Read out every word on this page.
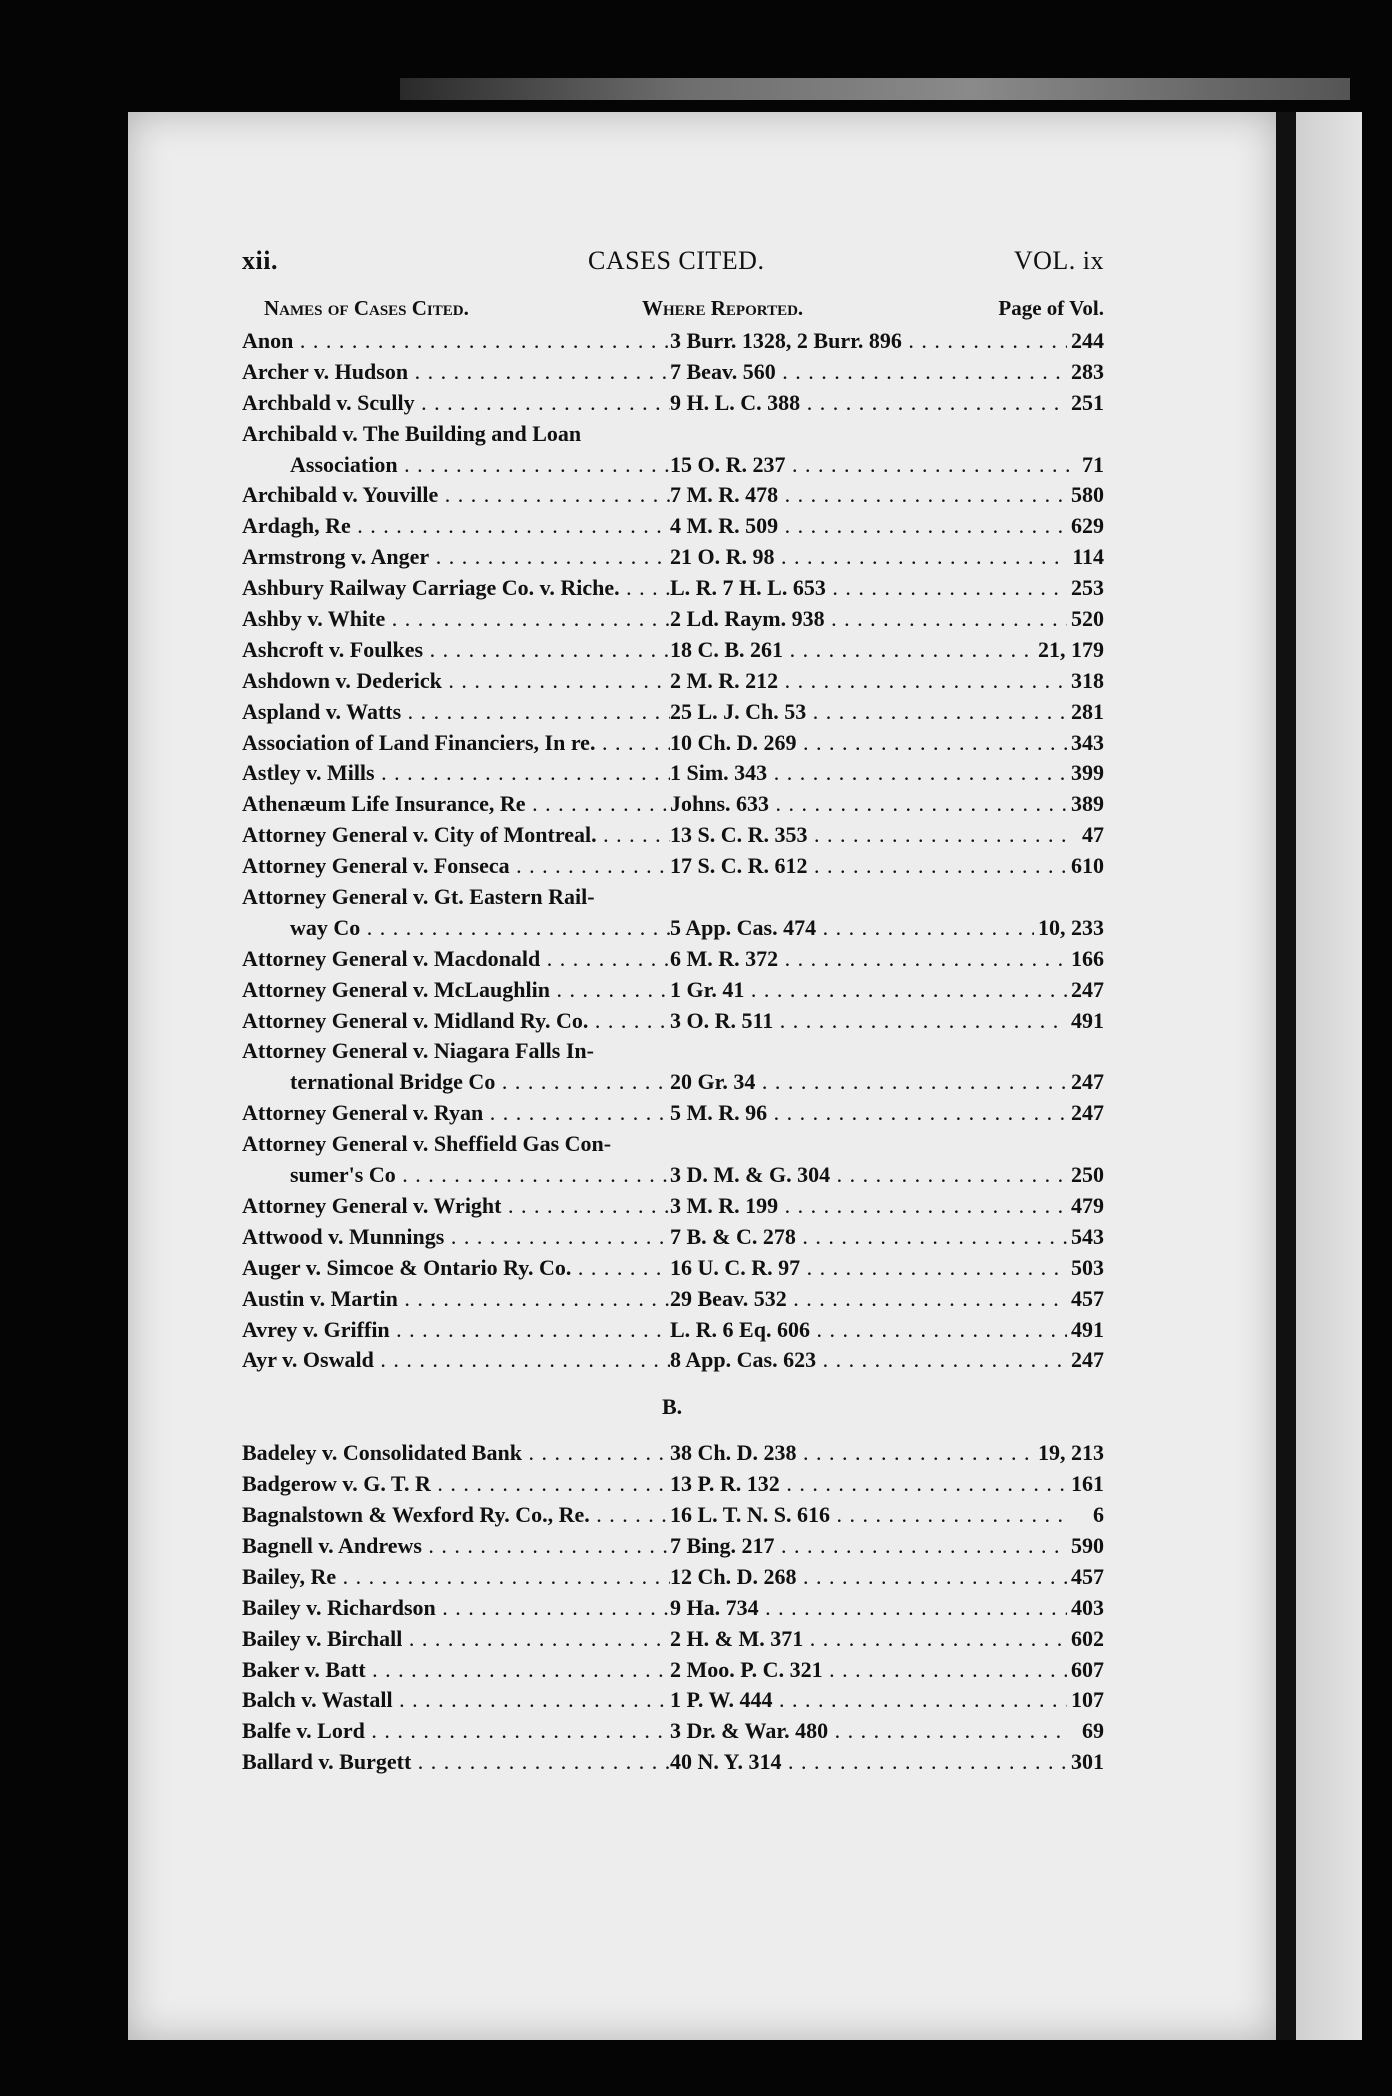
xii.	CASES CITED.	VOL. ix
Names of Cases Cited.	Where Reported.	Page of Vol.
Anon . . .	3 Burr. 1328, 2 Burr. 896 . . .	244
Archer v. Hudson . . .	7 Beav. 560 . . .	283
Archbald v. Scully . . .	9 H. L. C. 388 . . .	251
Archibald v. The Building and Loan
Association . . .	15 O. R. 237 . . .	71
Archibald v. Youville . . .	7 M. R. 478 . . .	580
Ardagh, Re . . .	4 M. R. 509 . . .	629
Armstrong v. Anger . . .	21 O. R. 98 . . .	114
Ashbury Railway Carriage Co. v. Riche. . . .	L. R. 7 H. L. 653 . . .	253
Ashby v. White . . .	2 Ld. Raym. 938 . . .	520
Ashcroft v. Foulkes . . .	18 C. B. 261 . . .	21, 179
Ashdown v. Dederick . . .	2 M. R. 212 . . .	318
Aspland v. Watts . . .	25 L. J. Ch. 53 . . .	281
Association of Land Financiers, In re. . . .	10 Ch. D. 269 . . .	343
Astley v. Mills . . .	1 Sim. 343 . . .	399
Athenæum Life Insurance, Re . . .	Johns. 633 . . .	389
Attorney General v. City of Montreal. . . .	13 S. C. R. 353 . . .	47
Attorney General v. Fonseca . . .	17 S. C. R. 612 . . .	610
Attorney General v. Gt. Eastern Rail-
way Co . . .	5 App. Cas. 474 . . .	10, 233
Attorney General v. Macdonald . . .	6 M. R. 372 . . .	166
Attorney General v. McLaughlin . . .	1 Gr. 41 . . .	247
Attorney General v. Midland Ry. Co. . . .	3 O. R. 511 . . .	491
Attorney General v. Niagara Falls In-
ternational Bridge Co . . .	20 Gr. 34 . . .	247
Attorney General v. Ryan . . .	5 M. R. 96 . . .	247
Attorney General v. Sheffield Gas Con-
sumer's Co . . .	3 D. M. & G. 304 . . .	250
Attorney General v. Wright . . .	3 M. R. 199 . . .	479
Attwood v. Munnings . . .	7 B. & C. 278 . . .	543
Auger v. Simcoe & Ontario Ry. Co. . . .	16 U. C. R. 97 . . .	503
Austin v. Martin . . .	29 Beav. 532 . . .	457
Avrey v. Griffin . . .	L. R. 6 Eq. 606 . . .	491
Ayr v. Oswald . . .	8 App. Cas. 623 . . .	247
B.
Badeley v. Consolidated Bank . . .	38 Ch. D. 238 . . .	19, 213
Badgerow v. G. T. R . . .	13 P. R. 132 . . .	161
Bagnalstown & Wexford Ry. Co., Re. . . .	16 L. T. N. S. 616 . . .	6
Bagnell v. Andrews . . .	7 Bing. 217 . . .	590
Bailey, Re . . .	12 Ch. D. 268 . . .	457
Bailey v. Richardson . . .	9 Ha. 734 . . .	403
Bailey v. Birchall . . .	2 H. & M. 371 . . .	602
Baker v. Batt . . .	2 Moo. P. C. 321 . . .	607
Balch v. Wastall . . .	1 P. W. 444 . . .	107
Balfe v. Lord . . .	3 Dr. & War. 480 . . .	69
Ballard v. Burgett . . .	40 N. Y. 314 . . .	301
